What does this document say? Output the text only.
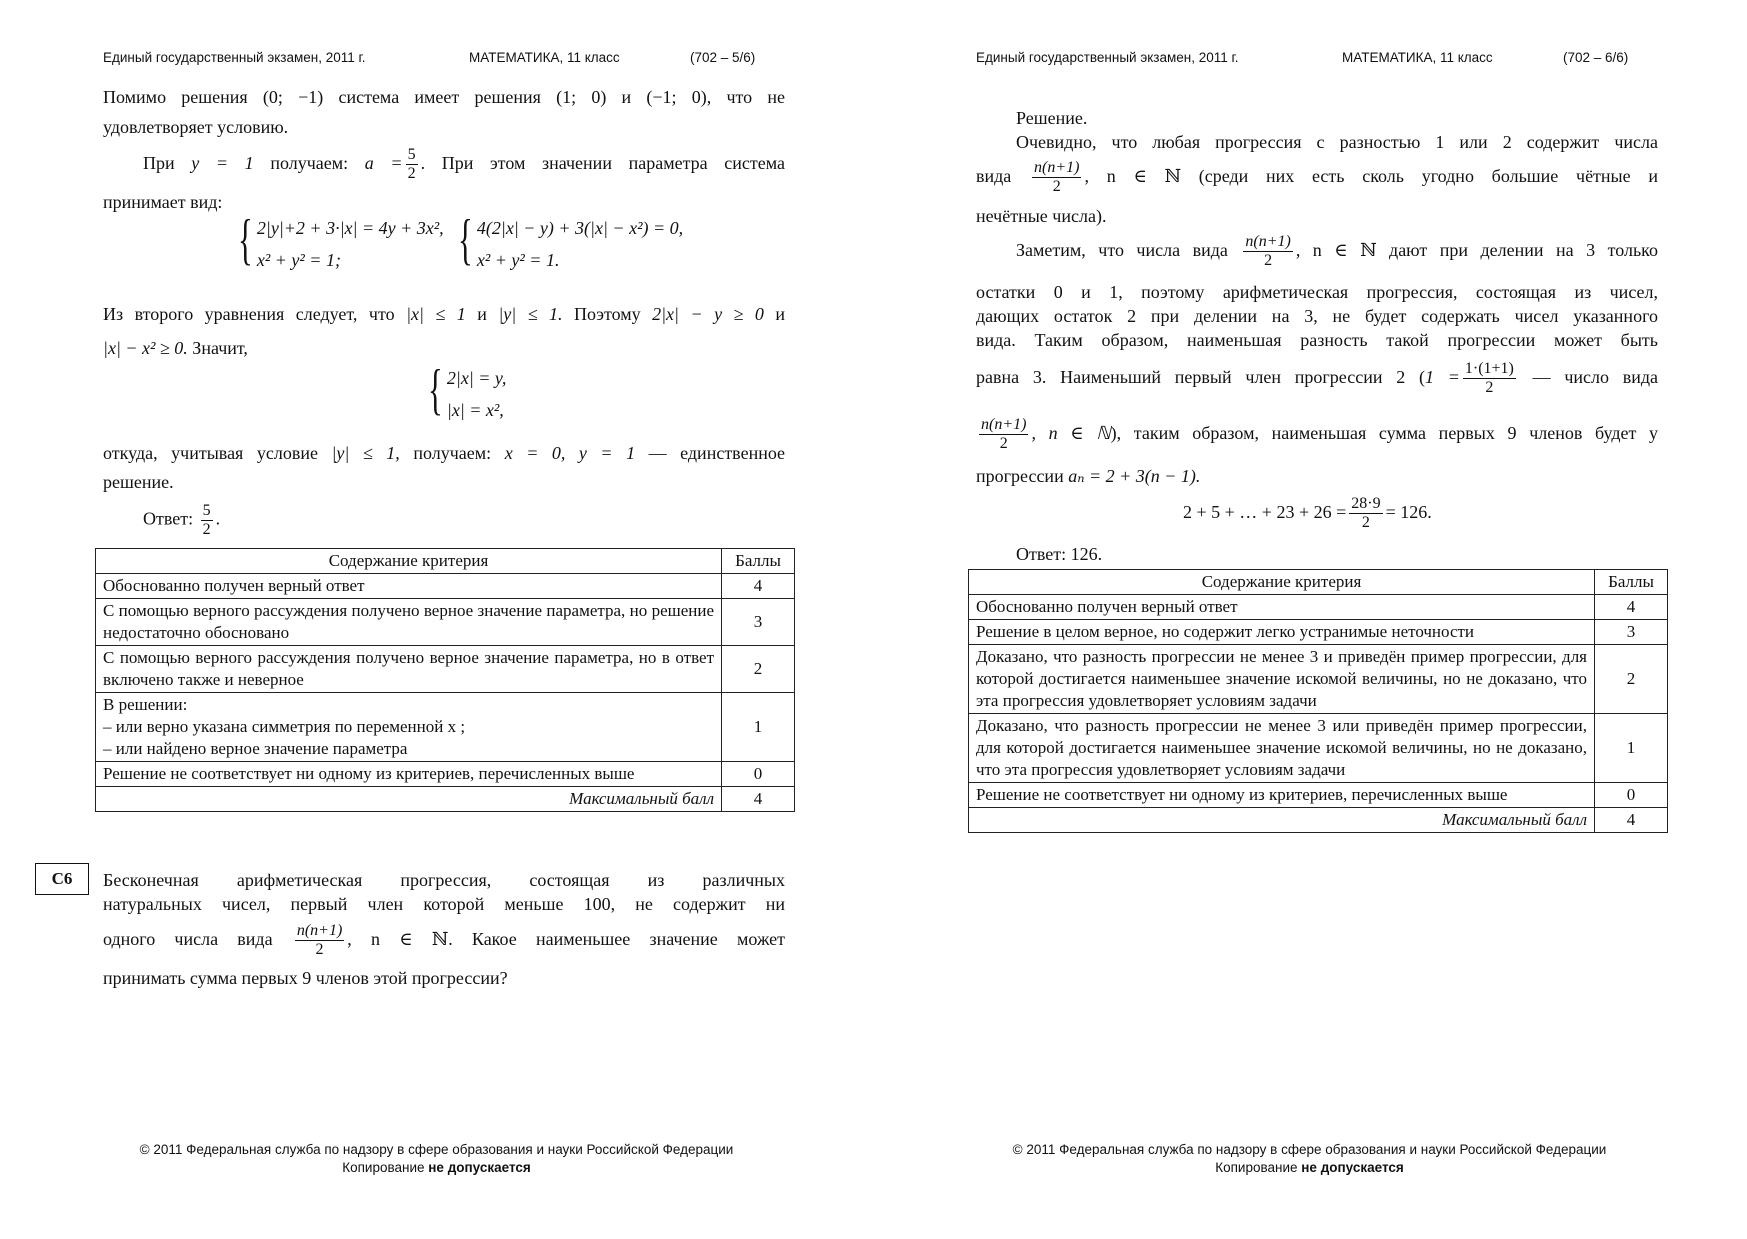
Единый государственный экзамен, 2011 г.	МАТЕМАТИКА, 11 класс	(702 – 5/6)
Помимо решения (0; −1) система имеет решения (1; 0) и (−1; 0), что не
удовлетворяет условию.
При y = 1 получаем: $a = \frac{5}{2}$ . При этом значении параметра система
принимает вид:
{ 2|y|+2 + 3·|x| = 4y + 3x²,
x² + y² = 1;	{ 4(2|x| − y) + 3(|x| − x²) = 0,
x² + y² = 1.
Из второго уравнения следует, что |x| ≤ 1 и |y| ≤ 1. Поэтому 2|x| − y ≥ 0 и
|x| − x² ≥ 0. Значит,
{ 2|x| = y,
|x| = x²,
откуда, учитывая условие |y| ≤ 1, получаем: x = 0, y = 1 — единственное
решение.
Ответ: $\frac{5}{2}$ .
Содержание критерия	Баллы
Обоснованно получен верный ответ	4
С помощью верного рассуждения получено верное значение параметра, но решение недостаточно обосновано	3
С помощью верного рассуждения получено верное значение параметра, но в ответ включено также и неверное	2

В решении:
– или верно указана симметрия по переменной x ;
– или найдено верное значение параметра	1
Решение не соответствует ни одному из критериев, перечисленных выше	0
Максимальный балл	4
C6	Бесконечная арифметическая прогрессия, состоящая из различных
натуральных чисел, первый член которой меньше 100, не содержит ни
одного числа вида $\frac{n(n+1)}{2}$ , n ∈ ℕ. Какое наименьшее значение может
принимать сумма первых 9 членов этой прогрессии?
© 2011 Федеральная служба по надзору в сфере образования и науки Российской Федерации
Копирование не допускается
Единый государственный экзамен, 2011 г.	МАТЕМАТИКА, 11 класс	(702 – 6/6)
Решение.
Очевидно, что любая прогрессия с разностью 1 или 2 содержит числа
вида $\frac{n(n+1)}{2}$ , n ∈ ℕ (среди них есть сколь угодно большие чётные и
нечётные числа).
Заметим, что числа вида $\frac{n(n+1)}{2}$ , n ∈ ℕ дают при делении на 3 только
остатки 0 и 1, поэтому арифметическая прогрессия, состоящая из чисел,
дающих остаток 2 при делении на 3, не будет содержать чисел указанного
вида. Таким образом, наименьшая разность такой прогрессии может быть
равна 3. Наименьший первый член прогрессии 2 ($1 = \frac{1\cdot(1+1)}{2}$ — число вида
$\frac{n(n+1)}{2}$ , n ∈ ℕ), таким образом, наименьшая сумма первых 9 членов будет у
прогрессии aₙ = 2 + 3(n − 1).
2 + 5 + … + $23 + 26 = \frac{28\cdot 9}{2} = 126$.
Ответ: 126.
Содержание критерия	Баллы
Обоснованно получен верный ответ	4
Решение в целом верное, но содержит легко устранимые неточности	3
Доказано, что разность прогрессии не менее 3 и приведён пример прогрессии, для которой достигается наименьшее значение искомой величины, но не доказано, что эта прогрессия удовлетворяет условиям задачи	2
Доказано, что разность прогрессии не менее 3 или приведён пример прогрессии, для которой достигается наименьшее значение искомой величины, но не доказано, что эта прогрессия удовлетворяет условиям задачи	1
Решение не соответствует ни одному из критериев, перечисленных выше	0
Максимальный балл	4
© 2011 Федеральная служба по надзору в сфере образования и науки Российской Федерации
Копирование не допускается
